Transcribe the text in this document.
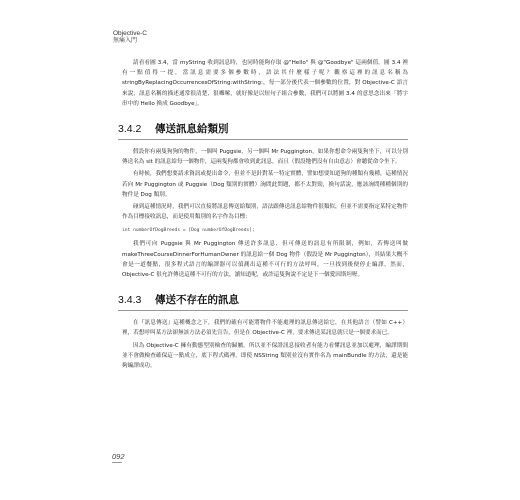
Objective-C
無痛入門

請看看圖 3.4，當 myString 收到訊息時，也同時能夠存取 @"Hello" 與 @"Goodbye" 這兩個值。圖 3.4 裡有一點值得一提，當訊息需要多個參數時，語法其什麼樣子呢？觀察這裡的訊息名稱為 stringByReplacingOccurrencesOfString:withString:，每一部分後代表一個參數的位置，對 Objective-C 語言來說，訊息名稱的描述通常很清楚、很囉嗦，就好像是以短句子組合參數，我們可以將圖 3.4 的意思念出來「將字串中的 Hello 換成 Goodbye」。

3.4.2 傳送訊息給類別

假設你有兩隻狗狗的物件，一個叫 Puggsie，另一個叫 Mr Puggington，如果你想命令兩隻狗坐下，可以分別傳送名為 sit 的訊息給每一個物件，這兩隻狗都會收到此訊息，而且（假設牠們沒有自由意志）會聽從命令坐下。

有時候，我們想要請求資訊或提出命令，但並不是針對某一特定實體，譬如想要知道狗的種類有幾種，這種情況若向 Mr Puggington 或 Puggsie（Dog 類別的實體）詢問此問題，都不太對勁，換句話說，應該詢問種種個別的物件是 Dog 類別。

碰到這種情況時，我們可以直接將訊息傳送給類別，語法跟傳送訊息給物件很類似，但並不需要指定某特定物件作為目標接收訊息，而是使用類別的名字作為目標：

int numberOfDogBreeds = [Dog numberOfDogBreeds];

我們可向 Puggsie 與 Mr Puggington 傳送許多訊息，但可傳送的訊息有所限制，例如，若傳送叫做 makeThreeCourseDinnerForHumanOwner 的訊息給一個 Dog 物件（假設是 Mr Puggington），其結果大概不會是一道餐點，很多程式語言的編譯器可以偵測出這種不可行的方法呼叫，一旦找到後便停止編譯，然而，Objective-C 很允許傳送這種不可行的方法，讀知道呢，或許這隻狗說不定是下一個愛因斯坦喔。

3.4.3 傳送不存在的訊息

在『訊息傳送』這種概念之下，我們的確有可能將物件不能處理的訊息傳送給它，在其他語言（譬如 C++）裡，若想呼叫某方法卻無該方法必須先宣告，但是在 Objective-C 裡，要求傳送某訊息就只是一個要求而已。

因為 Objective-C 擁有動態型別檢查的歸屬，所以並不保證訊息接收者有能力看懂訊息並加以處理，編譯期間並不會做檢查確保這一點成立，底下程式碼裡，即使 NSString 類別並沒有實作名為 mainBundle 的方法，還是能夠編譯成功。

092
